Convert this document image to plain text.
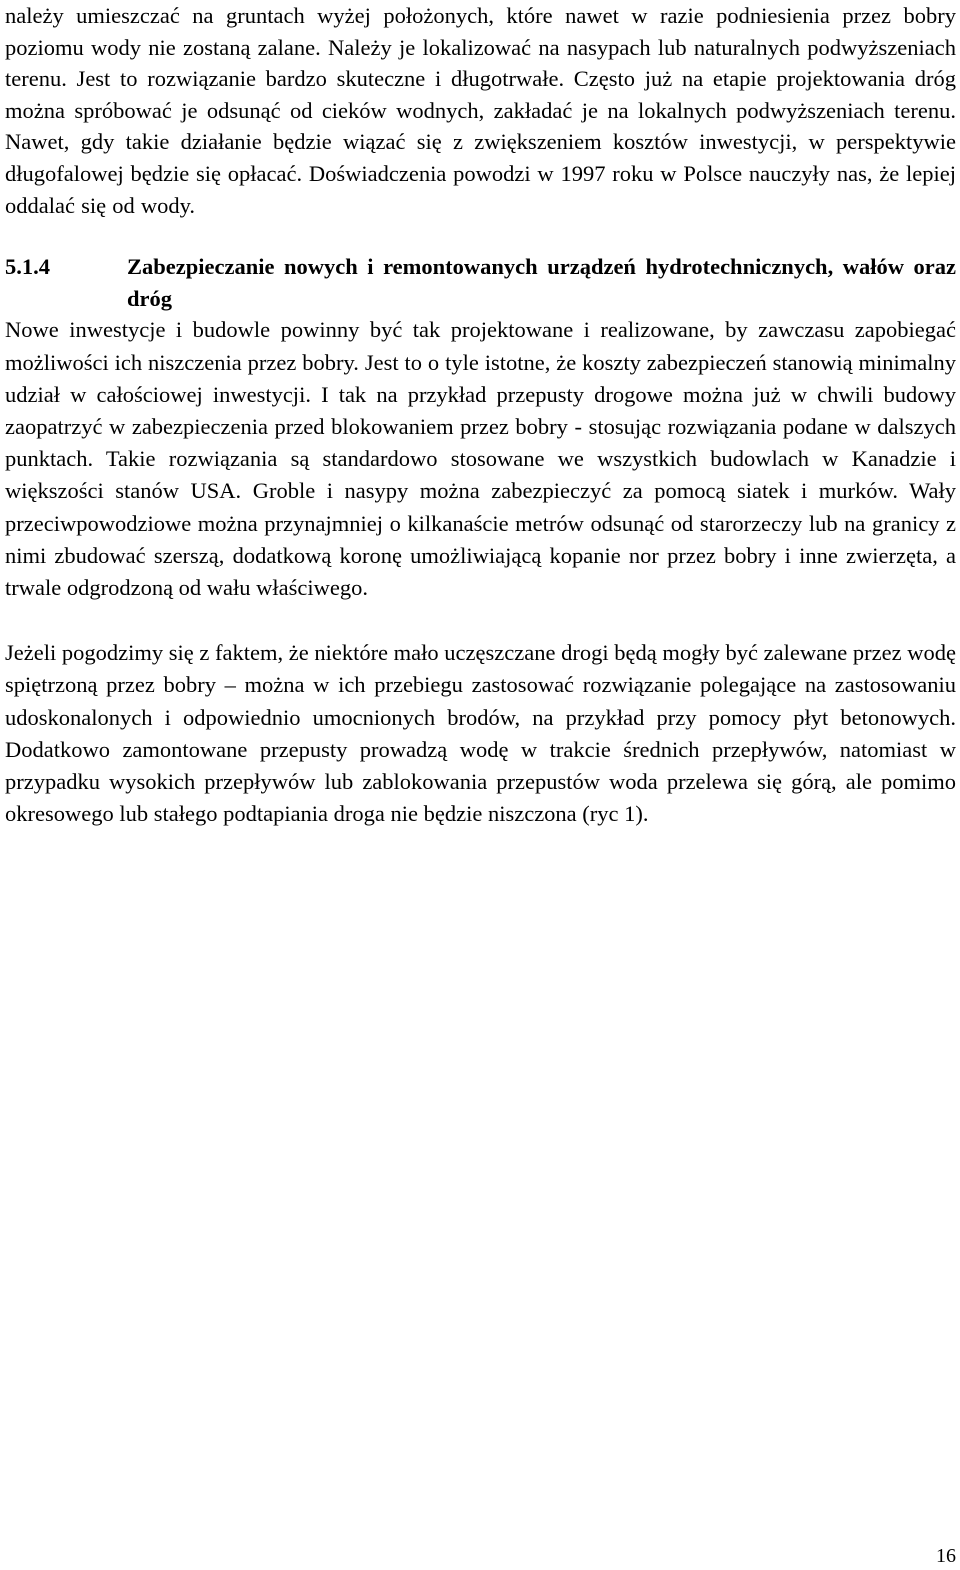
należy umieszczać na gruntach wyżej położonych, które nawet w razie podniesienia przez bobry poziomu wody nie zostaną zalane. Należy je lokalizować na nasypach lub naturalnych podwyższeniach terenu. Jest to rozwiązanie bardzo skuteczne i długotrwałe. Często już na etapie projektowania dróg można spróbować je odsunąć od cieków wodnych, zakładać je na lokalnych podwyższeniach terenu. Nawet, gdy takie działanie będzie wiązać się z zwiększeniem kosztów inwestycji, w perspektywie długofalowej będzie się opłacać. Doświadczenia powodzi w 1997 roku w Polsce nauczyły nas, że lepiej oddalać się od wody.

5.1.4	Zabezpieczanie nowych i remontowanych urządzeń hydrotechnicznych, wałów oraz dróg

Nowe inwestycje i budowle powinny być tak projektowane i realizowane, by zawczasu zapobiegać możliwości ich niszczenia przez bobry. Jest to o tyle istotne, że koszty zabezpieczeń stanowią minimalny udział w całościowej inwestycji. I tak na przykład przepusty drogowe można już w chwili budowy zaopatrzyć w zabezpieczenia przed blokowaniem przez bobry - stosując rozwiązania podane w dalszych punktach. Takie rozwiązania są standardowo stosowane we wszystkich budowlach w Kanadzie i większości stanów USA. Groble i nasypy można zabezpieczyć za pomocą siatek i murków. Wały przeciwpowodziowe można przynajmniej o kilkanaście metrów odsunąć od starorzeczy lub na granicy z nimi zbudować szerszą, dodatkową koronę umożliwiającą kopanie nor przez bobry i inne zwierzęta, a trwale odgrodzoną od wału właściwego.

Jeżeli pogodzimy się z faktem, że niektóre mało uczęszczane drogi będą mogły być zalewane przez wodę spiętrzoną przez bobry – można w ich przebiegu zastosować rozwiązanie polegające na zastosowaniu udoskonalonych i odpowiednio umocnionych brodów, na przykład przy pomocy płyt betonowych. Dodatkowo zamontowane przepusty prowadzą wodę w trakcie średnich przepływów, natomiast w przypadku wysokich przepływów lub zablokowania przepustów woda przelewa się górą, ale pomimo okresowego lub stałego podtapiania droga nie będzie niszczona (ryc 1).

16
